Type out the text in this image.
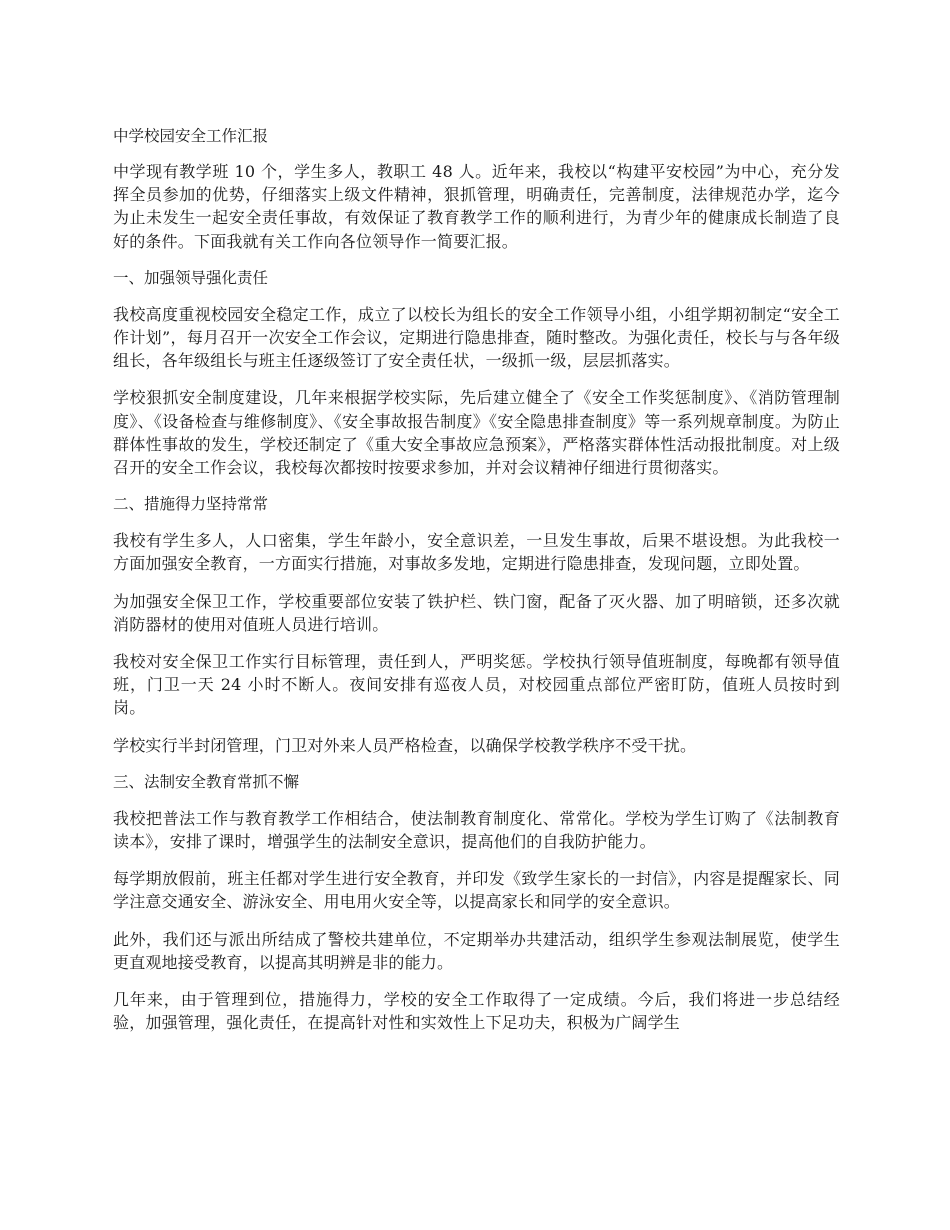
中学校园安全工作汇报
中学现有教学班 10 个，学生多人，教职工 48 人。近年来，我校以“构建平安校园”为中心，充分发挥全员参加的优势，仔细落实上级文件精神，狠抓管理，明确责任，完善制度，法律规范办学，迄今为止未发生一起安全责任事故，有效保证了教育教学工作的顺利进行，为青少年的健康成长制造了良好的条件。下面我就有关工作向各位领导作一简要汇报。
一、加强领导强化责任
我校高度重视校园安全稳定工作，成立了以校长为组长的安全工作领导小组，小组学期初制定“安全工作计划”，每月召开一次安全工作会议，定期进行隐患排查，随时整改。为强化责任，校长与与各年级组长，各年级组长与班主任逐级签订了安全责任状，一级抓一级，层层抓落实。
学校狠抓安全制度建设，几年来根据学校实际，先后建立健全了《安全工作奖惩制度》、《消防管理制度》、《设备检查与维修制度》、《安全事故报告制度》《安全隐患排查制度》等一系列规章制度。为防止群体性事故的发生，学校还制定了《重大安全事故应急预案》，严格落实群体性活动报批制度。对上级召开的安全工作会议，我校每次都按时按要求参加，并对会议精神仔细进行贯彻落实。
二、措施得力坚持常常
我校有学生多人，人口密集，学生年龄小，安全意识差，一旦发生事故，后果不堪设想。为此我校一方面加强安全教育，一方面实行措施，对事故多发地，定期进行隐患排查，发现问题，立即处置。
为加强安全保卫工作，学校重要部位安装了铁护栏、铁门窗，配备了灭火器、加了明暗锁，还多次就消防器材的使用对值班人员进行培训。
我校对安全保卫工作实行目标管理，责任到人，严明奖惩。学校执行领导值班制度，每晚都有领导值班，门卫一天 24 小时不断人。夜间安排有巡夜人员，对校园重点部位严密盯防，值班人员按时到岗。
学校实行半封闭管理，门卫对外来人员严格检查，以确保学校教学秩序不受干扰。
三、法制安全教育常抓不懈
我校把普法工作与教育教学工作相结合，使法制教育制度化、常常化。学校为学生订购了《法制教育读本》，安排了课时，增强学生的法制安全意识，提高他们的自我防护能力。
每学期放假前，班主任都对学生进行安全教育，并印发《致学生家长的一封信》，内容是提醒家长、同学注意交通安全、游泳安全、用电用火安全等，以提高家长和同学的安全意识。
此外，我们还与派出所结成了警校共建单位，不定期举办共建活动，组织学生参观法制展览，使学生更直观地接受教育，以提高其明辨是非的能力。
几年来，由于管理到位，措施得力，学校的安全工作取得了一定成绩。今后，我们将进一步总结经验，加强管理，强化责任，在提高针对性和实效性上下足功夫，积极为广阔学生
